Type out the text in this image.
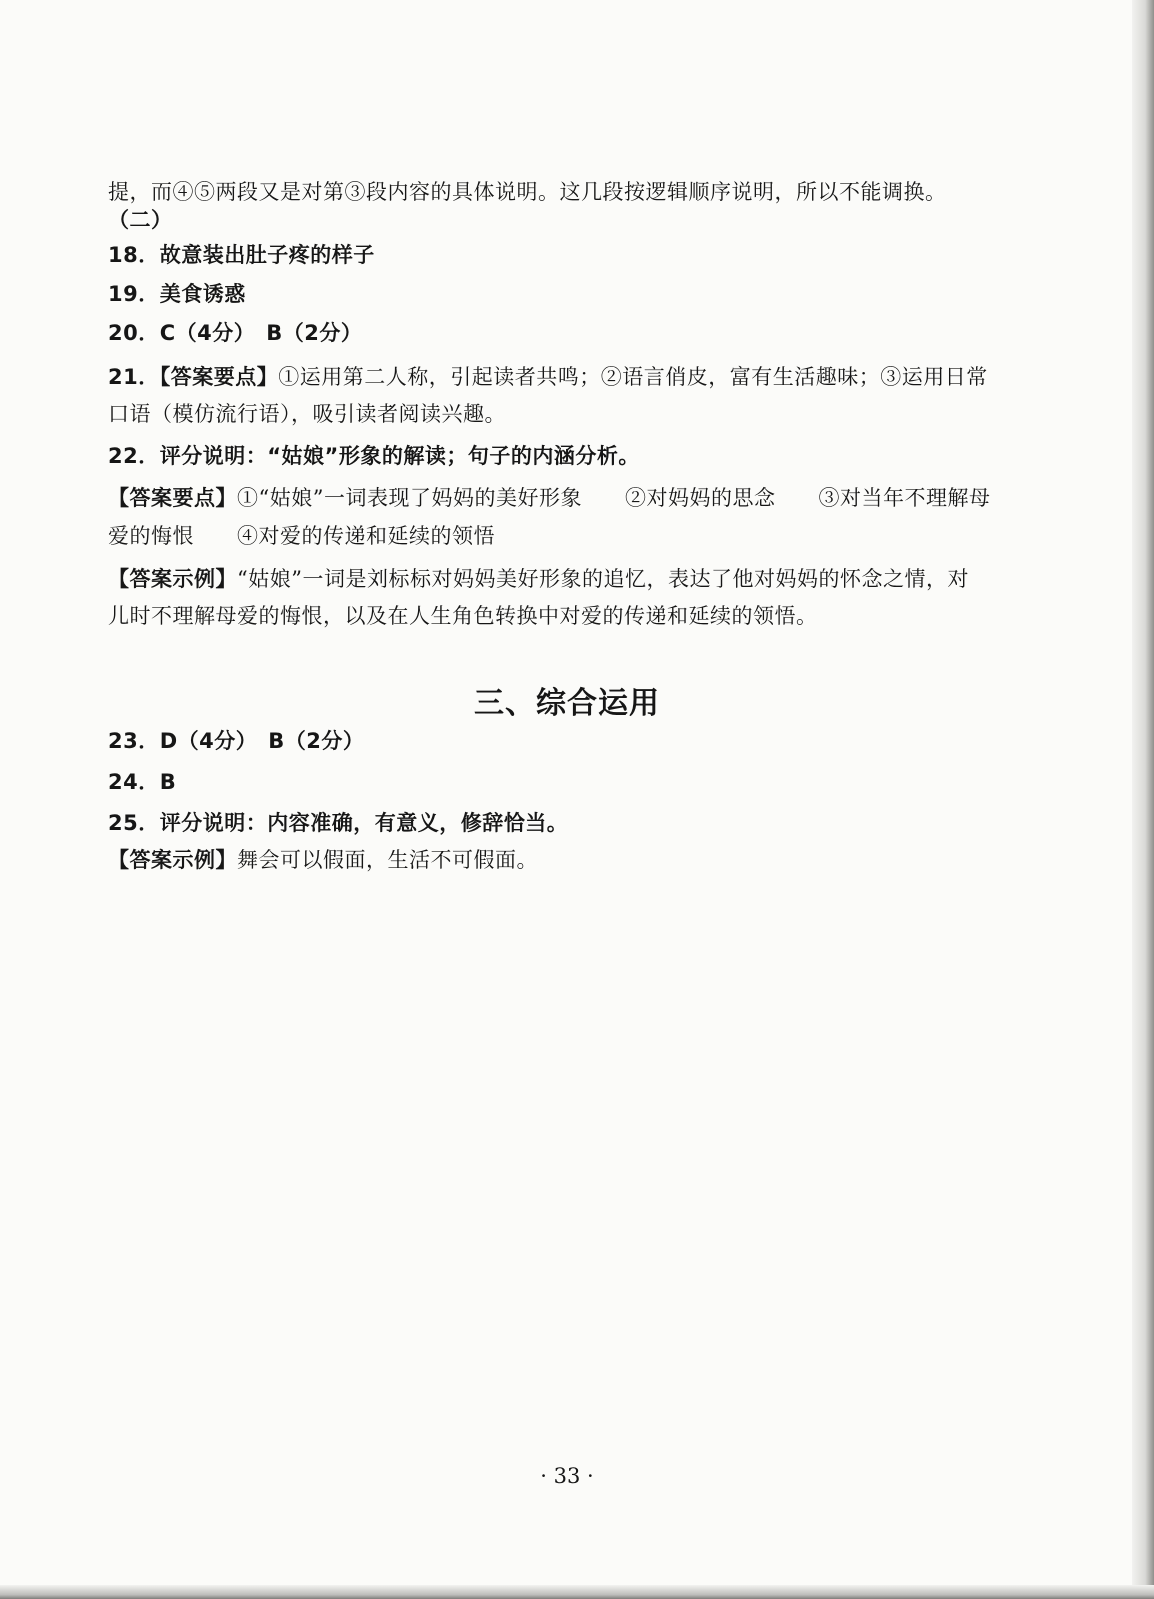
提，而④⑤两段又是对第③段内容的具体说明。这几段按逻辑顺序说明，所以不能调换。
（二）
18．故意装出肚子疼的样子
19．美食诱惑
20．C（4分）　B（2分）
21．【答案要点】①运用第二人称，引起读者共鸣；②语言俏皮，富有生活趣味；③运用日常
口语（模仿流行语），吸引读者阅读兴趣。
22．评分说明：“姑娘”形象的解读；句子的内涵分析。
【答案要点】①“姑娘”一词表现了妈妈的美好形象　　②对妈妈的思念　　③对当年不理解母
爱的悔恨　　④对爱的传递和延续的领悟
【答案示例】“姑娘”一词是刘标标对妈妈美好形象的追忆，表达了他对妈妈的怀念之情，对
儿时不理解母爱的悔恨，以及在人生角色转换中对爱的传递和延续的领悟。
三、综合运用
23．D（4分）　B（2分）
24．B
25．评分说明：内容准确，有意义，修辞恰当。
【答案示例】舞会可以假面，生活不可假面。
· 33 ·
